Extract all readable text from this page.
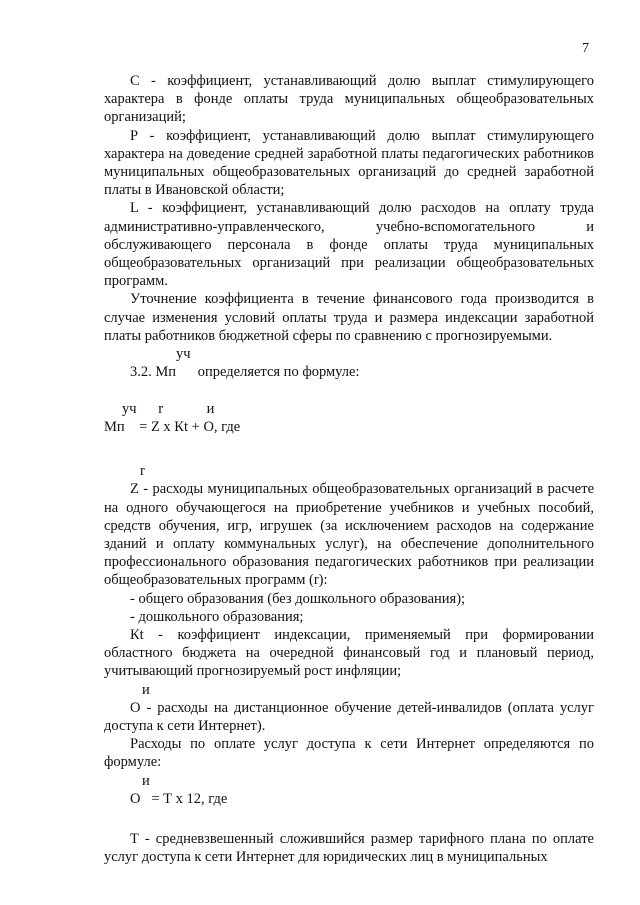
7

С - коэффициент, устанавливающий долю выплат стимулирующего характера в фонде оплаты труда муниципальных общеобразовательных организаций;

Р - коэффициент, устанавливающий долю выплат стимулирующего характера на доведение средней заработной платы педагогических работников муниципальных общеобразовательных организаций до средней заработной платы в Ивановской области;

L - коэффициент, устанавливающий долю расходов на оплату труда административно-управленческого, учебно-вспомогательного и обслуживающего персонала в фонде оплаты труда муниципальных общеобразовательных организаций при реализации общеобразовательных программ.

Уточнение коэффициента в течение финансового года производится в случае изменения условий оплаты труда и размера индексации заработной платы работников бюджетной сферы по сравнению с прогнозируемыми.

уч

3.2. Мп      определяется по формуле:

уч      r            и

Мп    = Z х Кt + О, где

r

Z - расходы муниципальных общеобразовательных организаций в расчете на одного обучающегося на приобретение учебников и учебных пособий, средств обучения, игр, игрушек (за исключением расходов на содержание зданий и оплату коммунальных услуг), на обеспечение дополнительного профессионального образования педагогических работников при реализации общеобразовательных программ (r):

- общего образования (без дошкольного образования);

- дошкольного образования;

Кt - коэффициент индексации, применяемый при формировании областного бюджета на очередной финансовый год и плановый период, учитывающий прогнозируемый рост инфляции;

и

О - расходы на дистанционное обучение детей-инвалидов (оплата услуг доступа к сети Интернет).

Расходы по оплате услуг доступа к сети Интернет определяются по формуле:

и

О   = Т х 12, где

Т - средневзвешенный сложившийся размер тарифного плана по оплате услуг доступа к сети Интернет для юридических лиц в муниципальных
